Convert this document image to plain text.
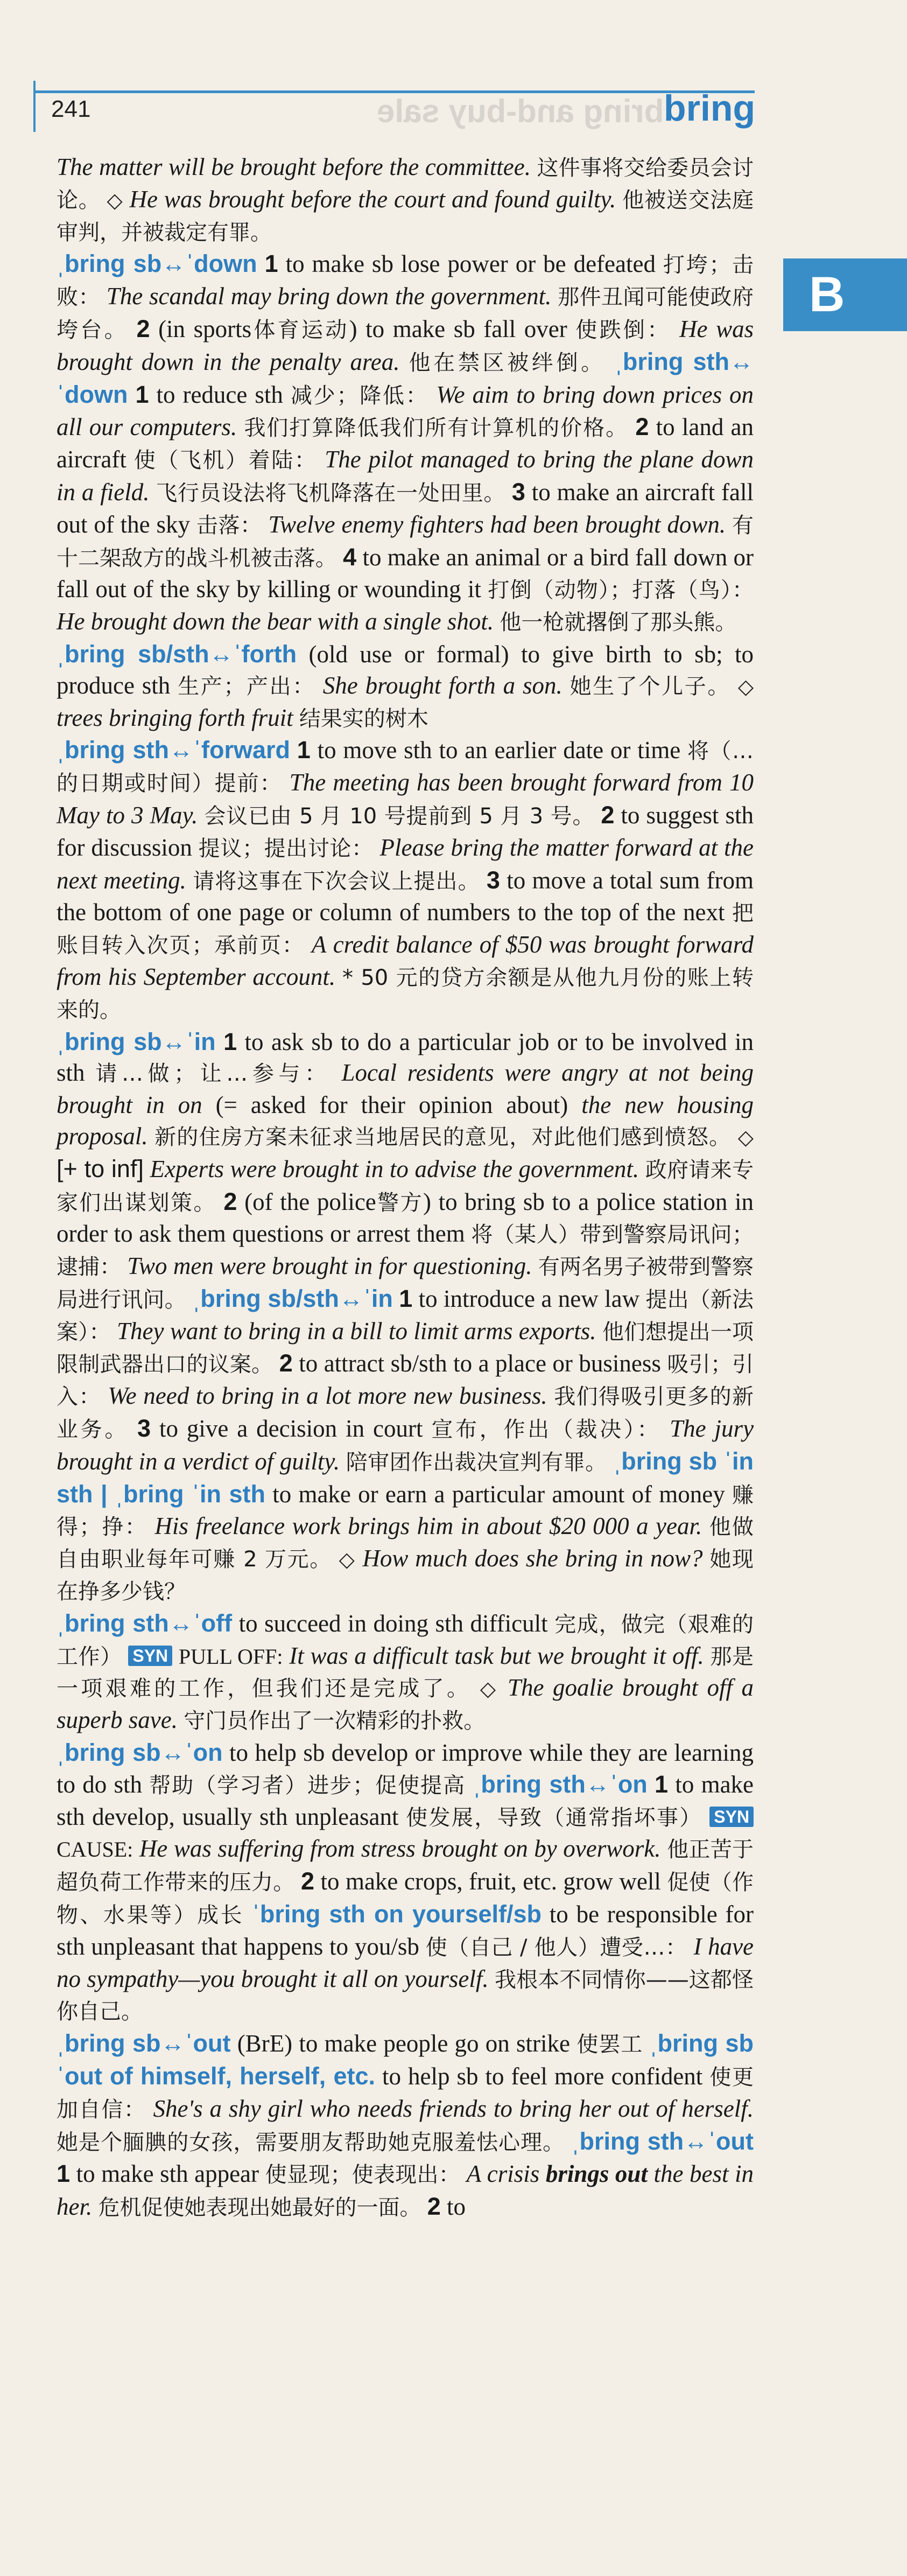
241	bring and-buy sale bring
B

The matter will be brought before the committee. 这件事将交给委员会讨论。 ◇ He was brought before the court and found guilty. 他被送交法庭审判，并被裁定有罪。

ˌbring sb↔ˈdown 1 to make sb lose power or be defeated 打垮；击败： The scandal may bring down the government. 那件丑闻可能使政府垮台。 2 (in sports体育运动) to make sb fall over 使跌倒： He was brought down in the penalty area. 他在禁区被绊倒。 ˌbring sth↔ˈdown 1 to reduce sth 减少；降低： We aim to bring down prices on all our computers. 我们打算降低我们所有计算机的价格。 2 to land an aircraft 使（飞机）着陆： The pilot managed to bring the plane down in a field. 飞行员设法将飞机降落在一处田里。 3 to make an aircraft fall out of the sky 击落： Twelve enemy fighters had been brought down. 有十二架敌方的战斗机被击落。 4 to make an animal or a bird fall down or fall out of the sky by killing or wounding it 打倒（动物）；打落（鸟）： He brought down the bear with a single shot. 他一枪就撂倒了那头熊。

ˌbring sb/sth↔ˈforth (old use or formal) to give birth to sb; to produce sth 生产；产出： She brought forth a son. 她生了个儿子。 ◇ trees bringing forth fruit 结果实的树木

ˌbring sth↔ˈforward 1 to move sth to an earlier date or time 将（…的日期或时间）提前： The meeting has been brought forward from 10 May to 3 May. 会议已由 5 月 10 号提前到 5 月 3 号。 2 to suggest sth for discussion 提议；提出讨论： Please bring the matter forward at the next meeting. 请将这事在下次会议上提出。 3 to move a total sum from the bottom of one page or column of numbers to the top of the next 把账目转入次页；承前页： A credit balance of $50 was brought forward from his September account. * 50 元的贷方余额是从他九月份的账上转来的。

ˌbring sb↔ˈin 1 to ask sb to do a particular job or to be involved in sth 请…做；让…参与： Local residents were angry at not being brought in on (= asked for their opinion about) the new housing proposal. 新的住房方案未征求当地居民的意见，对此他们感到愤怒。 ◇ [+ to inf] Experts were brought in to advise the government. 政府请来专家们出谋划策。 2 (of the police警方) to bring sb to a police station in order to ask them questions or arrest them 将（某人）带到警察局讯问；逮捕： Two men were brought in for questioning. 有两名男子被带到警察局进行讯问。 ˌbring sb/sth↔ˈin 1 to introduce a new law 提出（新法案）： They want to bring in a bill to limit arms exports. 他们想提出一项限制武器出口的议案。 2 to attract sb/sth to a place or business 吸引；引入： We need to bring in a lot more new business. 我们得吸引更多的新业务。 3 to give a decision in court 宣布，作出（裁决）： The jury brought in a verdict of guilty. 陪审团作出裁决宣判有罪。 ˌbring sb ˈin sth | ˌbring ˈin sth to make or earn a particular amount of money 赚得；挣： His freelance work brings him in about $20 000 a year. 他做自由职业每年可赚 2 万元。 ◇ How much does she bring in now? 她现在挣多少钱？

ˌbring sth↔ˈoff to succeed in doing sth difficult 完成，做完（艰难的工作） SYN PULL OFF: It was a difficult task but we brought it off. 那是一项艰难的工作，但我们还是完成了。 ◇ The goalie brought off a superb save. 守门员作出了一次精彩的扑救。

ˌbring sb↔ˈon to help sb develop or improve while they are learning to do sth 帮助（学习者）进步；促使提高 ˌbring sth↔ˈon 1 to make sth develop, usually sth unpleasant 使发展，导致（通常指坏事） SYN CAUSE: He was suffering from stress brought on by overwork. 他正苦于超负荷工作带来的压力。 2 to make crops, fruit, etc. grow well 促使（作物、水果等）成长 ˈbring sth on yourself/sb to be responsible for sth unpleasant that happens to you/sb 使（自己 / 他人）遭受…： I have no sympathy—you brought it all on yourself. 我根本不同情你——这都怪你自己。

ˌbring sb↔ˈout (BrE) to make people go on strike 使罢工 ˌbring sb ˈout of himself, herself, etc. to help sb to feel more confident 使更加自信： She's a shy girl who needs friends to bring her out of herself. 她是个腼腆的女孩，需要朋友帮助她克服羞怯心理。 ˌbring sth↔ˈout 1 to make sth appear 使显现；使表现出： A crisis brings out the best in her. 危机促使她表现出她最好的一面。 2 to
